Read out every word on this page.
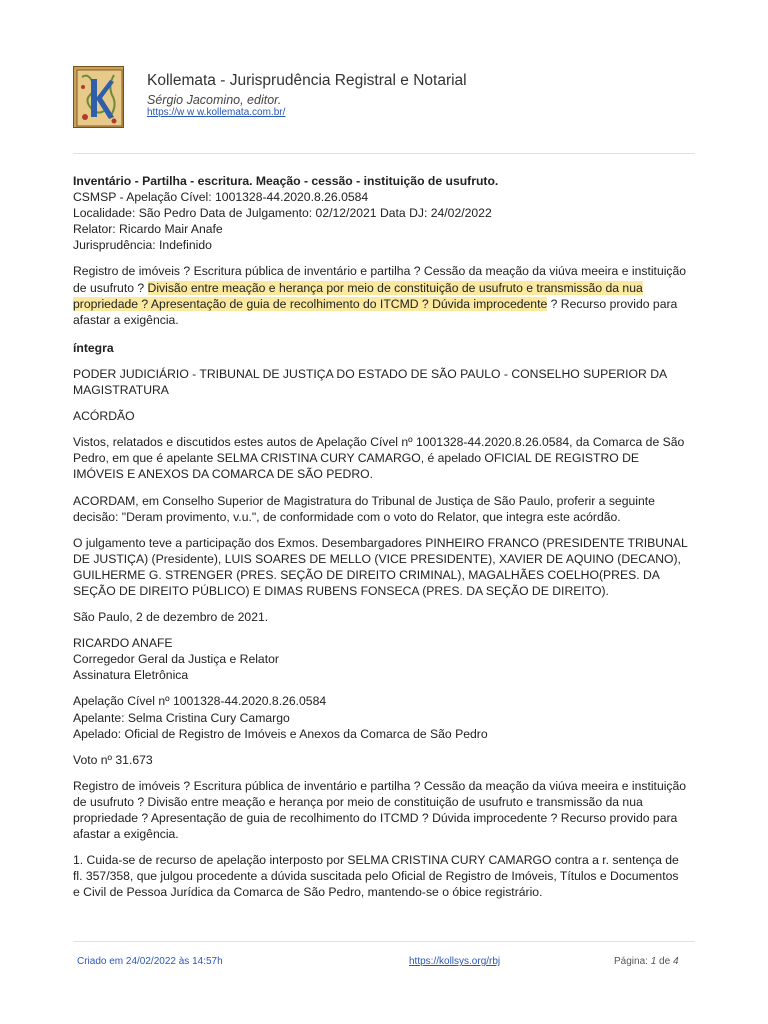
Kollemata - Jurisprudência Registral e Notarial
Sérgio Jacomino, editor.
https://w w w.kollemata.com.br/

Inventário - Partilha - escritura. Meação - cessão - instituição de usufruto.

CSMSP - Apelação Cível: 1001328-44.2020.8.26.0584

Localidade: São Pedro Data de Julgamento: 02/12/2021 Data DJ: 24/02/2022

Relator: Ricardo Mair Anafe

Jurisprudência: Indefinido

Registro de imóveis ? Escritura pública de inventário e partilha ? Cessão da meação da viúva meeira e instituição de usufruto ? Divisão entre meação e herança por meio de constituição de usufruto e transmissão da nua propriedade ? Apresentação de guia de recolhimento do ITCMD ? Dúvida improcedente ? Recurso provido para afastar a exigência.

íntegra

PODER JUDICIÁRIO - TRIBUNAL DE JUSTIÇA DO ESTADO DE SÃO PAULO - CONSELHO SUPERIOR DA MAGISTRATURA

ACÓRDÃO

Vistos, relatados e discutidos estes autos de Apelação Cível nº 1001328-44.2020.8.26.0584, da Comarca de São Pedro, em que é apelante SELMA CRISTINA CURY CAMARGO, é apelado OFICIAL DE REGISTRO DE IMÓVEIS E ANEXOS DA COMARCA DE SÃO PEDRO.

ACORDAM, em Conselho Superior de Magistratura do Tribunal de Justiça de São Paulo, proferir a seguinte decisão: "Deram provimento, v.u.", de conformidade com o voto do Relator, que integra este acórdão.

O julgamento teve a participação dos Exmos. Desembargadores PINHEIRO FRANCO (PRESIDENTE TRIBUNAL DE JUSTIÇA) (Presidente), LUIS SOARES DE MELLO (VICE PRESIDENTE), XAVIER DE AQUINO (DECANO), GUILHERME G. STRENGER (PRES. SEÇÃO DE DIREITO CRIMINAL), MAGALHÃES COELHO(PRES. DA SEÇÃO DE DIREITO PÚBLICO) E DIMAS RUBENS FONSECA (PRES. DA SEÇÃO DE DIREITO).

São Paulo, 2 de dezembro de 2021.

RICARDO ANAFE

Corregedor Geral da Justiça e Relator

Assinatura Eletrônica

Apelação Cível nº 1001328-44.2020.8.26.0584

Apelante: Selma Cristina Cury Camargo

Apelado: Oficial de Registro de Imóveis e Anexos da Comarca de São Pedro

Voto nº 31.673

Registro de imóveis ? Escritura pública de inventário e partilha ? Cessão da meação da viúva meeira e instituição de usufruto ? Divisão entre meação e herança por meio de constituição de usufruto e transmissão da nua propriedade ? Apresentação de guia de recolhimento do ITCMD ? Dúvida improcedente ? Recurso provido para afastar a exigência.

1. Cuida-se de recurso de apelação interposto por SELMA CRISTINA CURY CAMARGO contra a r. sentença de fl. 357/358, que julgou procedente a dúvida suscitada pelo Oficial de Registro de Imóveis, Títulos e Documentos e Civil de Pessoa Jurídica da Comarca de São Pedro, mantendo-se o óbice registrário.

Criado em 24/02/2022 às 14:57h	https://kollsys.org/rbj	Página: 1 de 4
